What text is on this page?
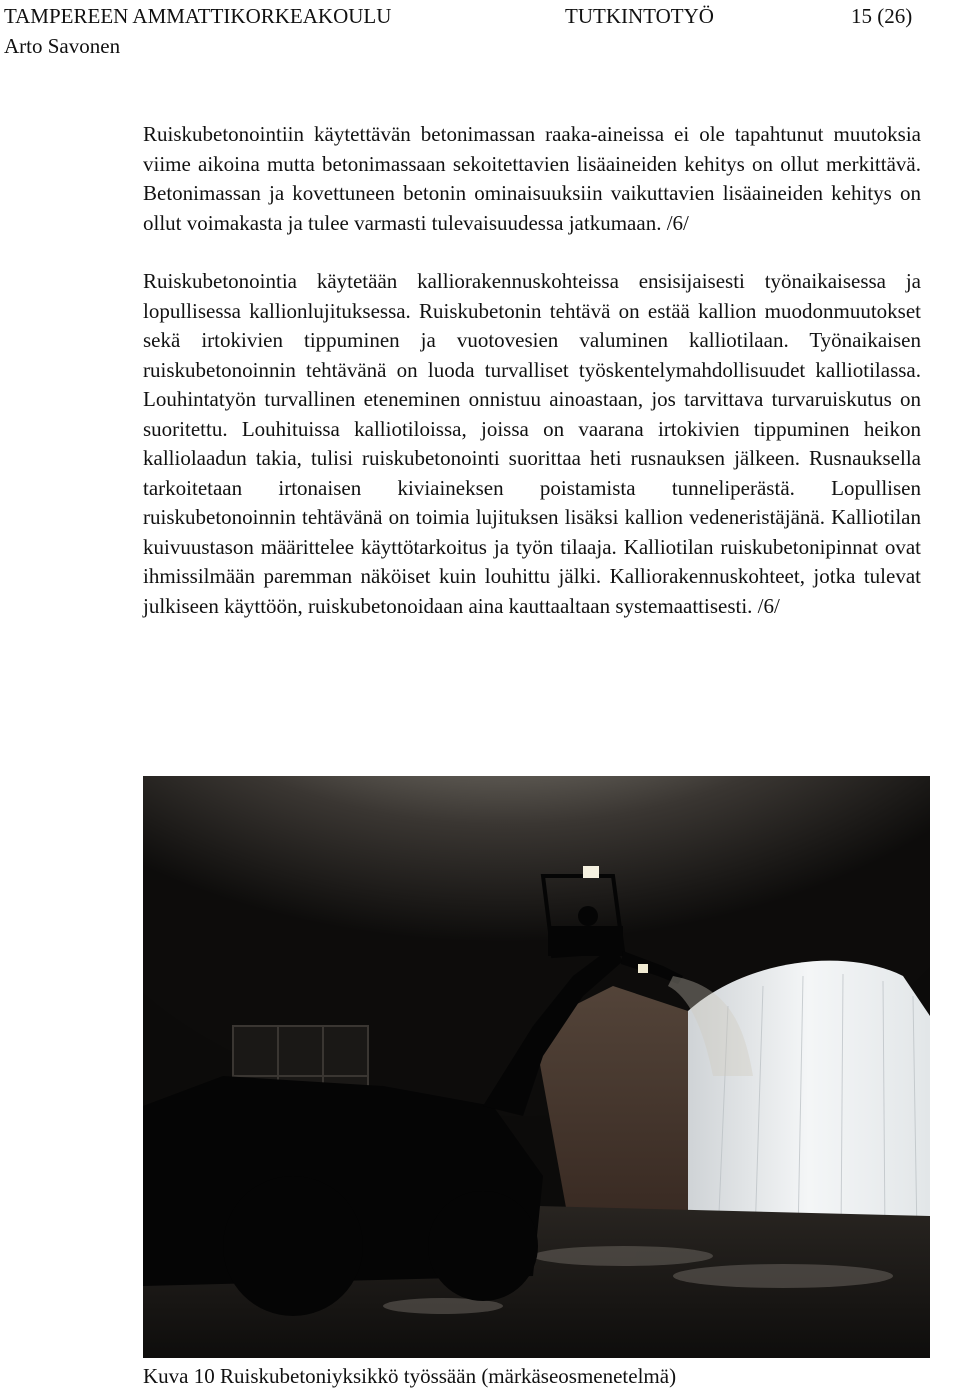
TAMPEREEN AMMATTIKORKEAKOULU	TUTKINTOTYÖ	15 (26)
Arto Savonen

Ruiskubetonointiin käytettävän betonimassan raaka-aineissa ei ole tapahtunut muutoksia viime aikoina mutta betonimassaan sekoitettavien lisäaineiden kehitys on ollut merkittävä. Betonimassan ja kovettuneen betonin ominaisuuksiin vaikuttavien lisäaineiden kehitys on ollut voimakasta ja tulee varmasti tulevaisuudessa jatkumaan. /6/

Ruiskubetonointia käytetään kalliorakennuskohteissa ensisijaisesti työnaikaisessa ja lopullisessa kallionlujituksessa. Ruiskubetonin tehtävä on estää kallion muodonmuutokset sekä irtokivien tippuminen ja vuotovesien valuminen kalliotilaan. Työnaikaisen ruiskubetonoinnin tehtävänä on luoda turvalliset työskentelymahdollisuudet kalliotilassa. Louhintatyön turvallinen eteneminen onnistuu ainoastaan, jos tarvittava turvaruiskutus on suoritettu. Louhituissa kalliotiloissa, joissa on vaarana irtokivien tippuminen heikon kalliolaadun takia, tulisi ruiskubetonointi suorittaa heti rusnauksen jälkeen. Rusnauksella tarkoitetaan irtonaisen kiviaineksen poistamista tunneliperästä. Lopullisen ruiskubetonoinnin tehtävänä on toimia lujituksen lisäksi kallion vedeneristäjänä. Kalliotilan kuivuustason määrittelee käyttötarkoitus ja työn tilaaja. Kalliotilan ruiskubetonipinnat ovat ihmissilmään paremman näköiset kuin louhittu jälki. Kalliorakennuskohteet, jotka tulevat julkiseen käyttöön, ruiskubetonoidaan aina kauttaaltaan systemaattisesti. /6/

Kuva 10 Ruiskubetoniyksikkö työssään (märkäseosmenetelmä)
